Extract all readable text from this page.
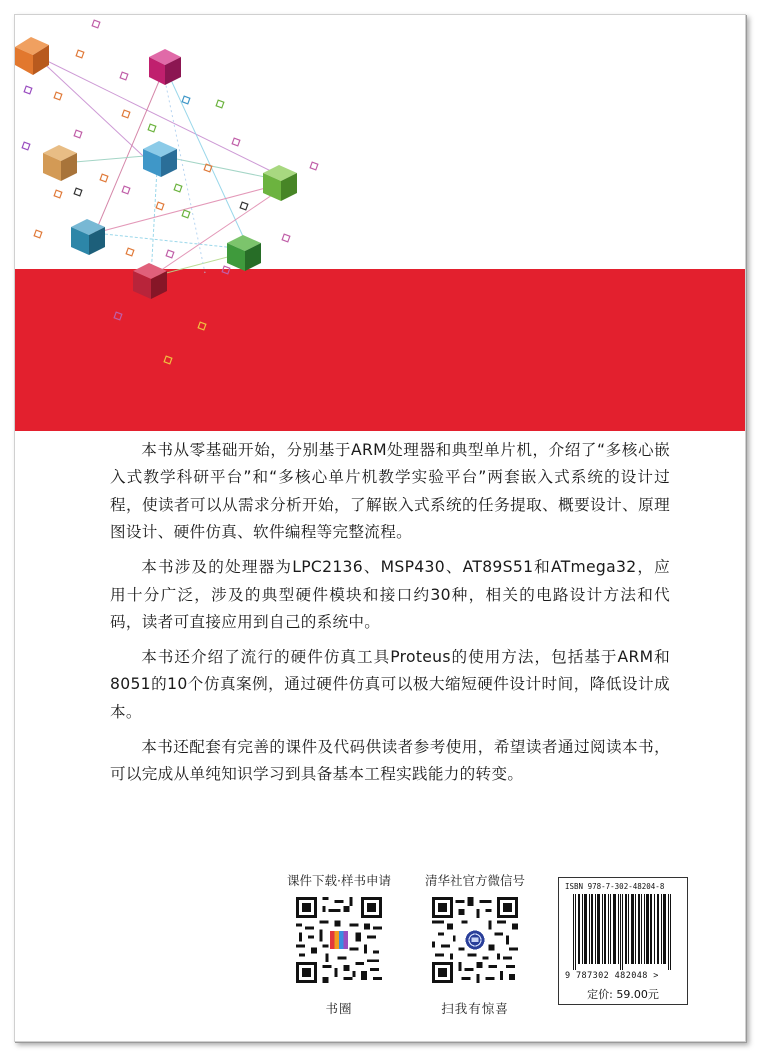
本书从零基础开始，分别基于ARM处理器和典型单片机，介绍了“多核心嵌入式教学科研平台”和“多核心单片机教学实验平台”两套嵌入式系统的设计过程，使读者可以从需求分析开始，了解嵌入式系统的任务提取、概要设计、原理图设计、硬件仿真、软件编程等完整流程。

本书涉及的处理器为LPC2136、MSP430、AT89S51和ATmega32，应用十分广泛，涉及的典型硬件模块和接口约30种，相关的电路设计方法和代码，读者可直接应用到自己的系统中。

本书还介绍了流行的硬件仿真工具Proteus的使用方法，包括基于ARM和8051的10个仿真案例，通过硬件仿真可以极大缩短硬件设计时间，降低设计成本。

本书还配套有完善的课件及代码供读者参考使用，希望读者通过阅读本书，可以完成从单纯知识学习到具备基本工程实践能力的转变。

课件下载·样书申请
书圈
清华社官方微信号
扫我有惊喜
ISBN 978-7-302-48204-8
9 787302 482048 >
定价: 59.00元
